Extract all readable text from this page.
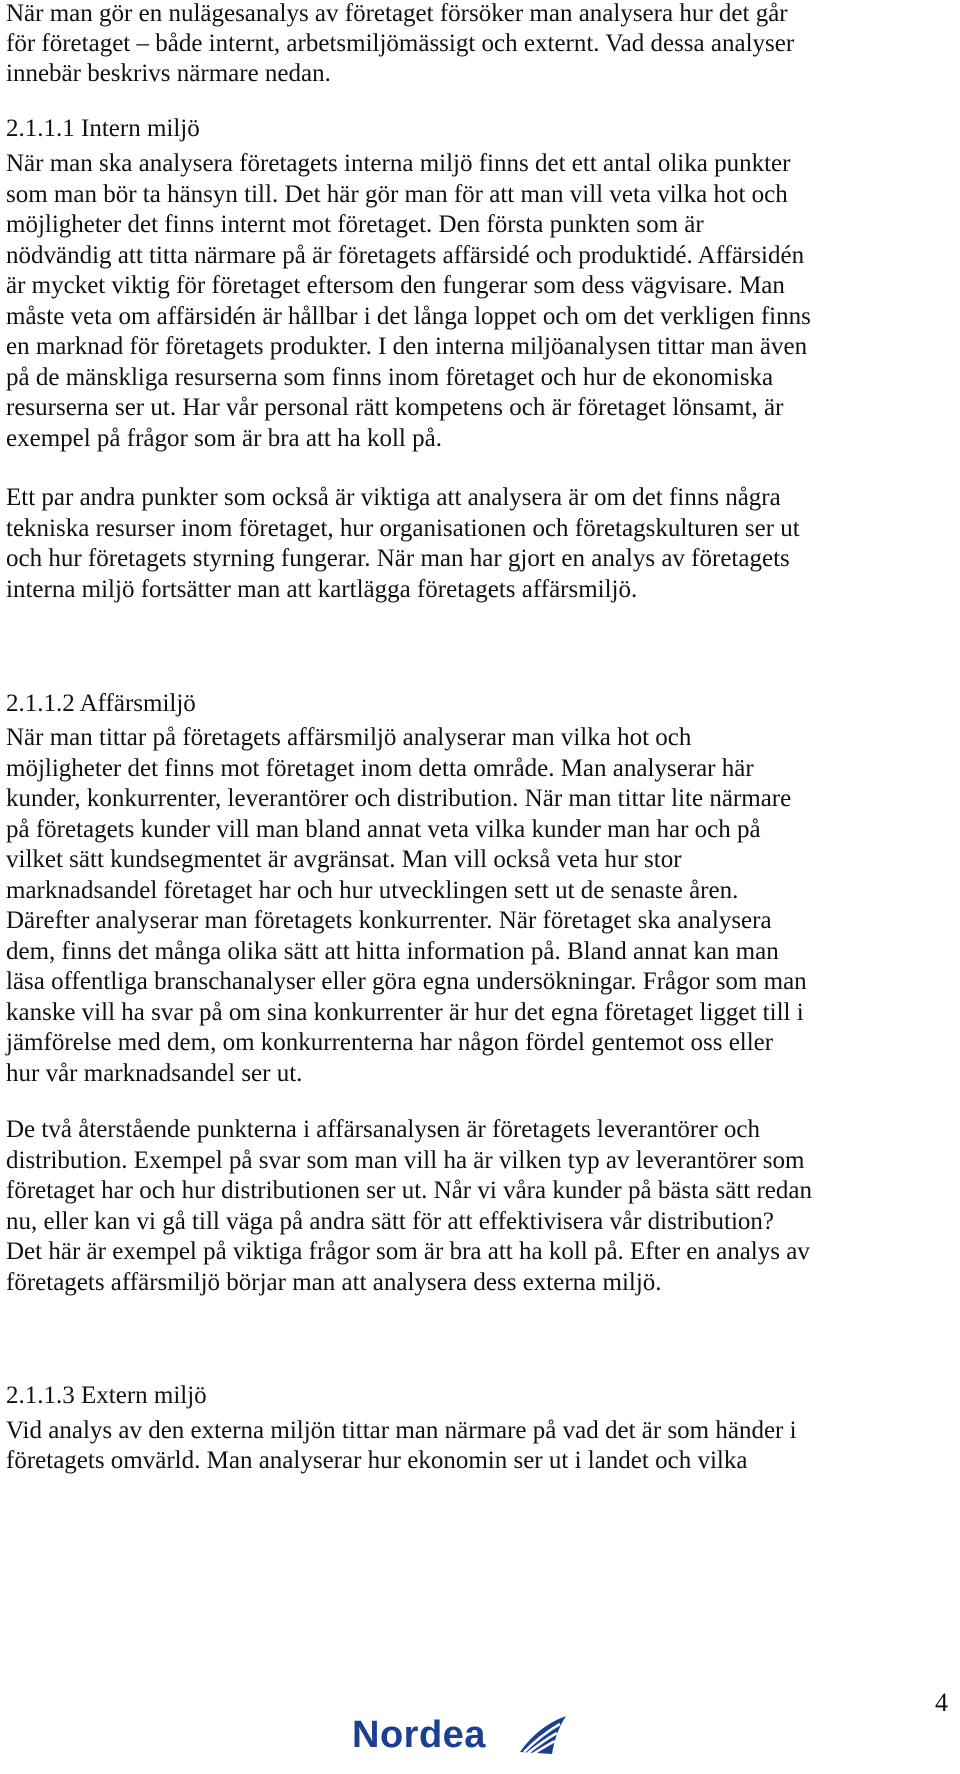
När man gör en nulägesanalys av företaget försöker man analysera hur det går
för företaget – både internt, arbetsmiljömässigt och externt. Vad dessa analyser
innebär beskrivs närmare nedan.
2.1.1.1 Intern miljö
När man ska analysera företagets interna miljö finns det ett antal olika punkter
som man bör ta hänsyn till. Det här gör man för att man vill veta vilka hot och
möjligheter det finns internt mot företaget. Den första punkten som är
nödvändig att titta närmare på är företagets affärsidé och produktidé. Affärsidén
är mycket viktig för företaget eftersom den fungerar som dess vägvisare. Man
måste veta om affärsidén är hållbar i det långa loppet och om det verkligen finns
en marknad för företagets produkter. I den interna miljöanalysen tittar man även
på de mänskliga resurserna som finns inom företaget och hur de ekonomiska
resurserna ser ut. Har vår personal rätt kompetens och är företaget lönsamt, är
exempel på frågor som är bra att ha koll på.
Ett par andra punkter som också är viktiga att analysera är om det finns några
tekniska resurser inom företaget, hur organisationen och företagskulturen ser ut
och hur företagets styrning fungerar. När man har gjort en analys av företagets
interna miljö fortsätter man att kartlägga företagets affärsmiljö.
2.1.1.2 Affärsmiljö
När man tittar på företagets affärsmiljö analyserar man vilka hot och
möjligheter det finns mot företaget inom detta område. Man analyserar här
kunder, konkurrenter, leverantörer och distribution. När man tittar lite närmare
på företagets kunder vill man bland annat veta vilka kunder man har och på
vilket sätt kundsegmentet är avgränsat. Man vill också veta hur stor
marknadsandel företaget har och hur utvecklingen sett ut de senaste åren.
Därefter analyserar man företagets konkurrenter. När företaget ska analysera
dem, finns det många olika sätt att hitta information på. Bland annat kan man
läsa offentliga branschanalyser eller göra egna undersökningar. Frågor som man
kanske vill ha svar på om sina konkurrenter är hur det egna företaget ligget till i
jämförelse med dem, om konkurrenterna har någon fördel gentemot oss eller
hur vår marknadsandel ser ut.
De två återstående punkterna i affärsanalysen är företagets leverantörer och
distribution. Exempel på svar som man vill ha är vilken typ av leverantörer som
företaget har och hur distributionen ser ut. Når vi våra kunder på bästa sätt redan
nu, eller kan vi gå till väga på andra sätt för att effektivisera vår distribution?
Det här är exempel på viktiga frågor som är bra att ha koll på. Efter en analys av
företagets affärsmiljö börjar man att analysera dess externa miljö.
2.1.1.3 Extern miljö
Vid analys av den externa miljön tittar man närmare på vad det är som händer i
företagets omvärld. Man analyserar hur ekonomin ser ut i landet och vilka
4
Nordea
